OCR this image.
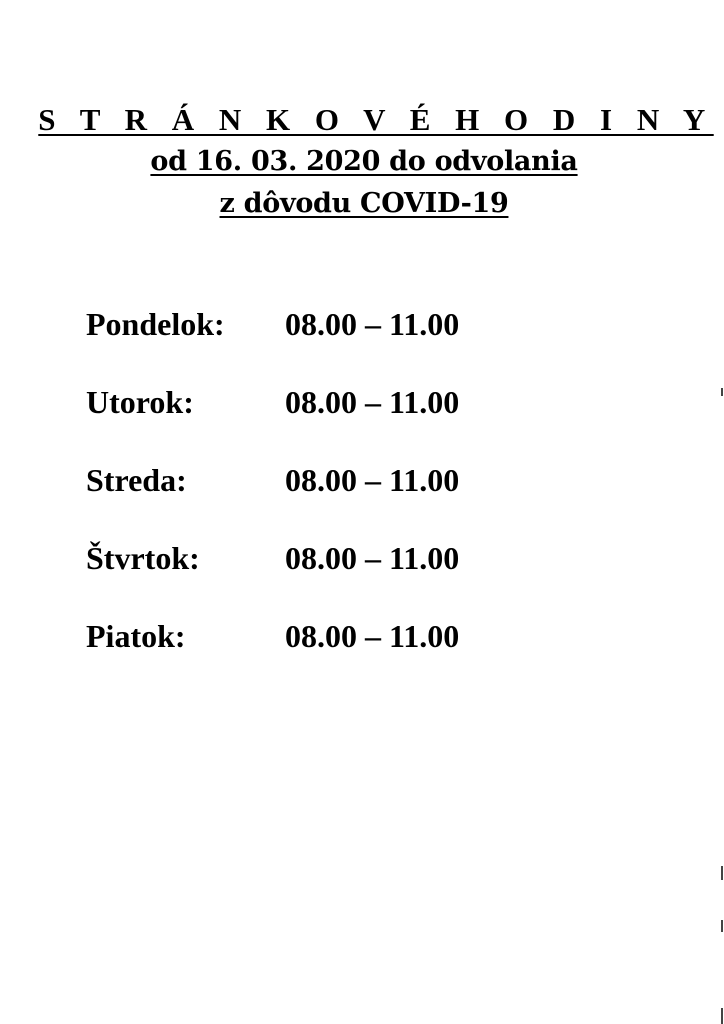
S T R Á N K O V É H O D I N Y
od 16. 03. 2020 do odvolania
z dôvodu COVID-19
Pondelok: 08.00 – 11.00
Utorok:	08.00 – 11.00
Streda:	08.00 – 11.00
Štvrtok:	08.00 – 11.00
Piatok:	08.00 – 11.00
